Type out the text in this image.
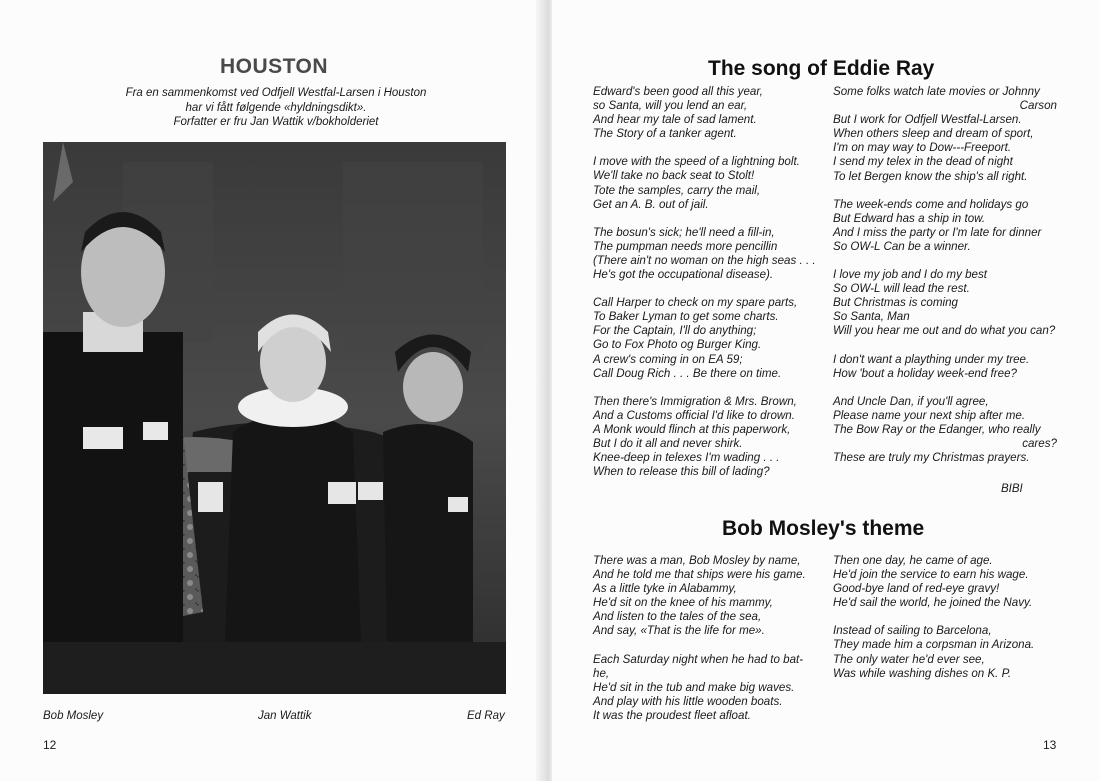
HOUSTON
Fra en sammenkomst ved Odfjell Westfal-Larsen i Houston
har vi fått følgende «hyldningsdikt».
Forfatter er fru Jan Wattik v/bokholderiet
Bob Mosley	Jan Wattik	Ed Ray
12
The song of Eddie Ray
Edward's been good all this year,
so Santa, will you lend an ear,
And hear my tale of sad lament.
The Story of a tanker agent.
I move with the speed of a lightning bolt.
We'll take no back seat to Stolt!
Tote the samples, carry the mail,
Get an A. B. out of jail.
The bosun's sick; he'll need a fill-in,
The pumpman needs more pencillin
(There ain't no woman on the high seas . . .
He's got the occupational disease).
Call Harper to check on my spare parts,
To Baker Lyman to get some charts.
For the Captain, I'll do anything;
Go to Fox Photo og Burger King.
A crew's coming in on EA 59;
Call Doug Rich . . . Be there on time.
Then there's Immigration & Mrs. Brown,
And a Customs official I'd like to drown.
A Monk would flinch at this paperwork,
But I do it all and never shirk.
Knee-deep in telexes I'm wading . . .
When to release this bill of lading?
Some folks watch late movies or Johnny
Carson
But I work for Odfjell Westfal-Larsen.
When others sleep and dream of sport,
I'm on may way to Dow---Freeport.
I send my telex in the dead of night
To let Bergen know the ship's all right.
The week-ends come and holidays go
But Edward has a ship in tow.
And I miss the party or I'm late for dinner
So OW-L Can be a winner.
I love my job and I do my best
So OW-L will lead the rest.
But Christmas is coming
So Santa, Man
Will you hear me out and do what you can?
I don't want a plaything under my tree.
How 'bout a holiday week-end free?
And Uncle Dan, if you'll agree,
Please name your next ship after me.
The Bow Ray or the Edanger, who really
cares?
These are truly my Christmas prayers.
BIBI
Bob Mosley's theme
There was a man, Bob Mosley by name,
And he told me that ships were his game.
As a little tyke in Alabammy,
He'd sit on the knee of his mammy,
And listen to the tales of the sea,
And say, «That is the life for me».
Each Saturday night when he had to bat-
he,
He'd sit in the tub and make big waves.
And play with his little wooden boats.
It was the proudest fleet afloat.
Then one day, he came of age.
He'd join the service to earn his wage.
Good-bye land of red-eye gravy!
He'd sail the world, he joined the Navy.
Instead of sailing to Barcelona,
They made him a corpsman in Arizona.
The only water he'd ever see,
Was while washing dishes on K. P.
13
